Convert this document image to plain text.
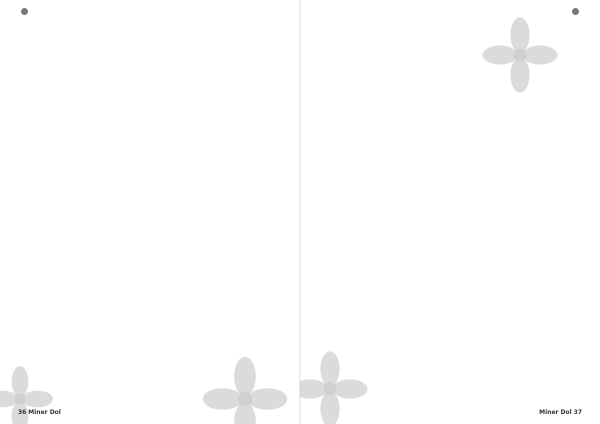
36 Miner Dol	Miner Dol 37
